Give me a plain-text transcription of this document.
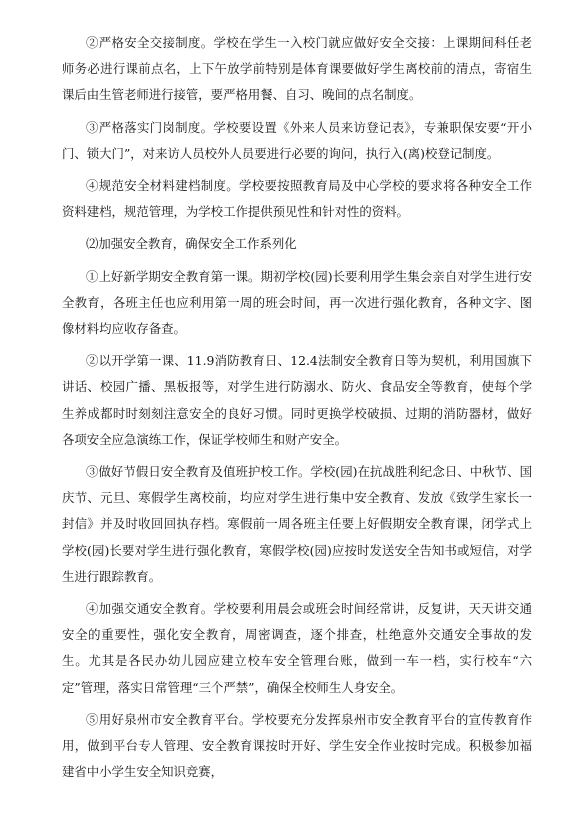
②严格安全交接制度。学校在学生一入校门就应做好安全交接：上课期间科任老师务必进行课前点名，上下午放学前特别是体育课要做好学生离校前的清点，寄宿生课后由生管老师进行接管，要严格用餐、自习、晚间的点名制度。

③严格落实门岗制度。学校要设置《外来人员来访登记表》，专兼职保安要“开小门、锁大门”，对来访人员校外人员要进行必要的询问，执行入(离)校登记制度。

④规范安全材料建档制度。学校要按照教育局及中心学校的要求将各种安全工作资料建档，规范管理，为学校工作提供预见性和针对性的资料。

⑵加强安全教育，确保安全工作系列化

①上好新学期安全教育第一课。期初学校(园)长要利用学生集会亲自对学生进行安全教育，各班主任也应利用第一周的班会时间，再一次进行强化教育，各种文字、图像材料均应收存备查。

②以开学第一课、11.9消防教育日、12.4法制安全教育日等为契机，利用国旗下讲话、校园广播、黑板报等，对学生进行防溺水、防火、食品安全等教育，使每个学生养成都时时刻刻注意安全的良好习惯。同时更换学校破损、过期的消防器材，做好各项安全应急演练工作，保证学校师生和财产安全。

③做好节假日安全教育及值班护校工作。学校(园)在抗战胜利纪念日、中秋节、国庆节、元旦、寒假学生离校前，均应对学生进行集中安全教育、发放《致学生家长一封信》并及时收回回执存档。寒假前一周各班主任要上好假期安全教育课，闭学式上学校(园)长要对学生进行强化教育，寒假学校(园)应按时发送安全告知书或短信，对学生进行跟踪教育。

④加强交通安全教育。学校要利用晨会或班会时间经常讲，反复讲，天天讲交通安全的重要性，强化安全教育，周密调查，逐个排查，杜绝意外交通安全事故的发生。尤其是各民办幼儿园应建立校车安全管理台账，做到一车一档，实行校车“六定”管理，落实日常管理“三个严禁”，确保全校师生人身安全。

⑤用好泉州市安全教育平台。学校要充分发挥泉州市安全教育平台的宣传教育作用，做到平台专人管理、安全教育课按时开好、学生安全作业按时完成。积极参加福建省中小学生安全知识竞赛，
